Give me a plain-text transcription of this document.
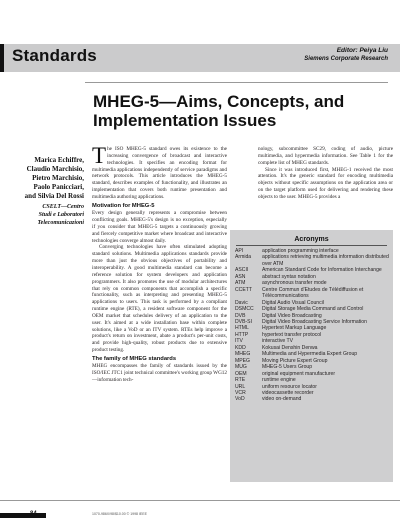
Standards	Editor: Peiya Liu
Siemens Corporate Research
MHEG-5—Aims, Concepts, and Implementation Issues
Marica Echiffre,
Claudio Marchisio,
Pietro Marchisio,
Paolo Panicciari,
and Silvia Del Rossi
CSELT—Centro
Studi e Laboratori
Telecomunicazioni

The ISO MHEG-5 standard owes its existence to the increasing convergence of broadcast and interactive technologies. It specifies an encoding format for multimedia applications independently of service paradigms and network protocols. This article introduces the MHEG-5 standard, describes examples of functionality, and illustrates an implementation that covers both runtime presentation and multimedia authoring applications.

Motivation for MHEG-5

Every design generally represents a compromise between conflicting goals. MHEG-5's design is no exception, especially if you consider that MHEG-5 targets a continuously growing and fiercely competitive market where broadcast and interactive technologies converge almost daily.

Converging technologies have often stimulated adopting standard solutions. Multimedia applications standards provide more than just the obvious objectives of portability and interoperability. A good multimedia standard can become a reference solution for system developers and application programmers. It also promotes the use of modular architectures that rely on common components that accomplish a specific functionality, such as interpreting and presenting MHEG-5 applications to users. This task is performed by a compliant runtime engine (RTE), a resident software component for the OEM market that schedules delivery of an application to the user. It's aimed at a wide installation base within complete solutions, like a VoD or an ITV system. RTEs help improve a product's return on investment, abate a product's per-unit costs, and provide high-quality, robust products due to extensive product testing.

The family of MHEG standards

MHEG encompasses the family of standards issued by the ISO/IEC JTC1 joint technical committee's working group WG12—information tech-

nology, subcommittee SC29, coding of audio, picture multimedia, and hypermedia information. See Table 1 for the complete list of MHEG standards.

Since it was introduced first, MHEG-1 received the most attention. It's the generic standard for encoding multimedia objects without specific assumptions on the application area or on the target platform used for delivering and rendering these objects to the user. MHEG-5 provides a

Acronyms
API	application programming interface
Armida	applications retrieving multimedia information distributed over ATM
ASCII	American Standard Code for Information Interchange
ASN	abstract syntax notation
ATM	asynchronous transfer mode
CCETT	Centre Commun d'Etudes de Télédiffusion et Télécommunications
Davic	Digital Audio Visual Council
DSMCC	Digital Storage Media Command and Control
DVB	Digital Video Broadcasting
DVB-SI	Digital Video Broadcasting Service Information
HTML	Hypertext Markup Language
HTTP	hypertext transfer protocol
ITV	interactive TV
KDD	Kokusai Denshin Denwa
MHEG	Multimedia and Hypermedia Expert Group
MPEG	Moving Picture Expert Group
MUG	MHEG-5 Users Group
OEM	original equipment manufacturer
RTE	runtime engine
URL	uniform resource locator
VCR	videocassette recorder
VoD	video on-demand
84	1070-986X/98/$10.00 © 1998 IEEE
